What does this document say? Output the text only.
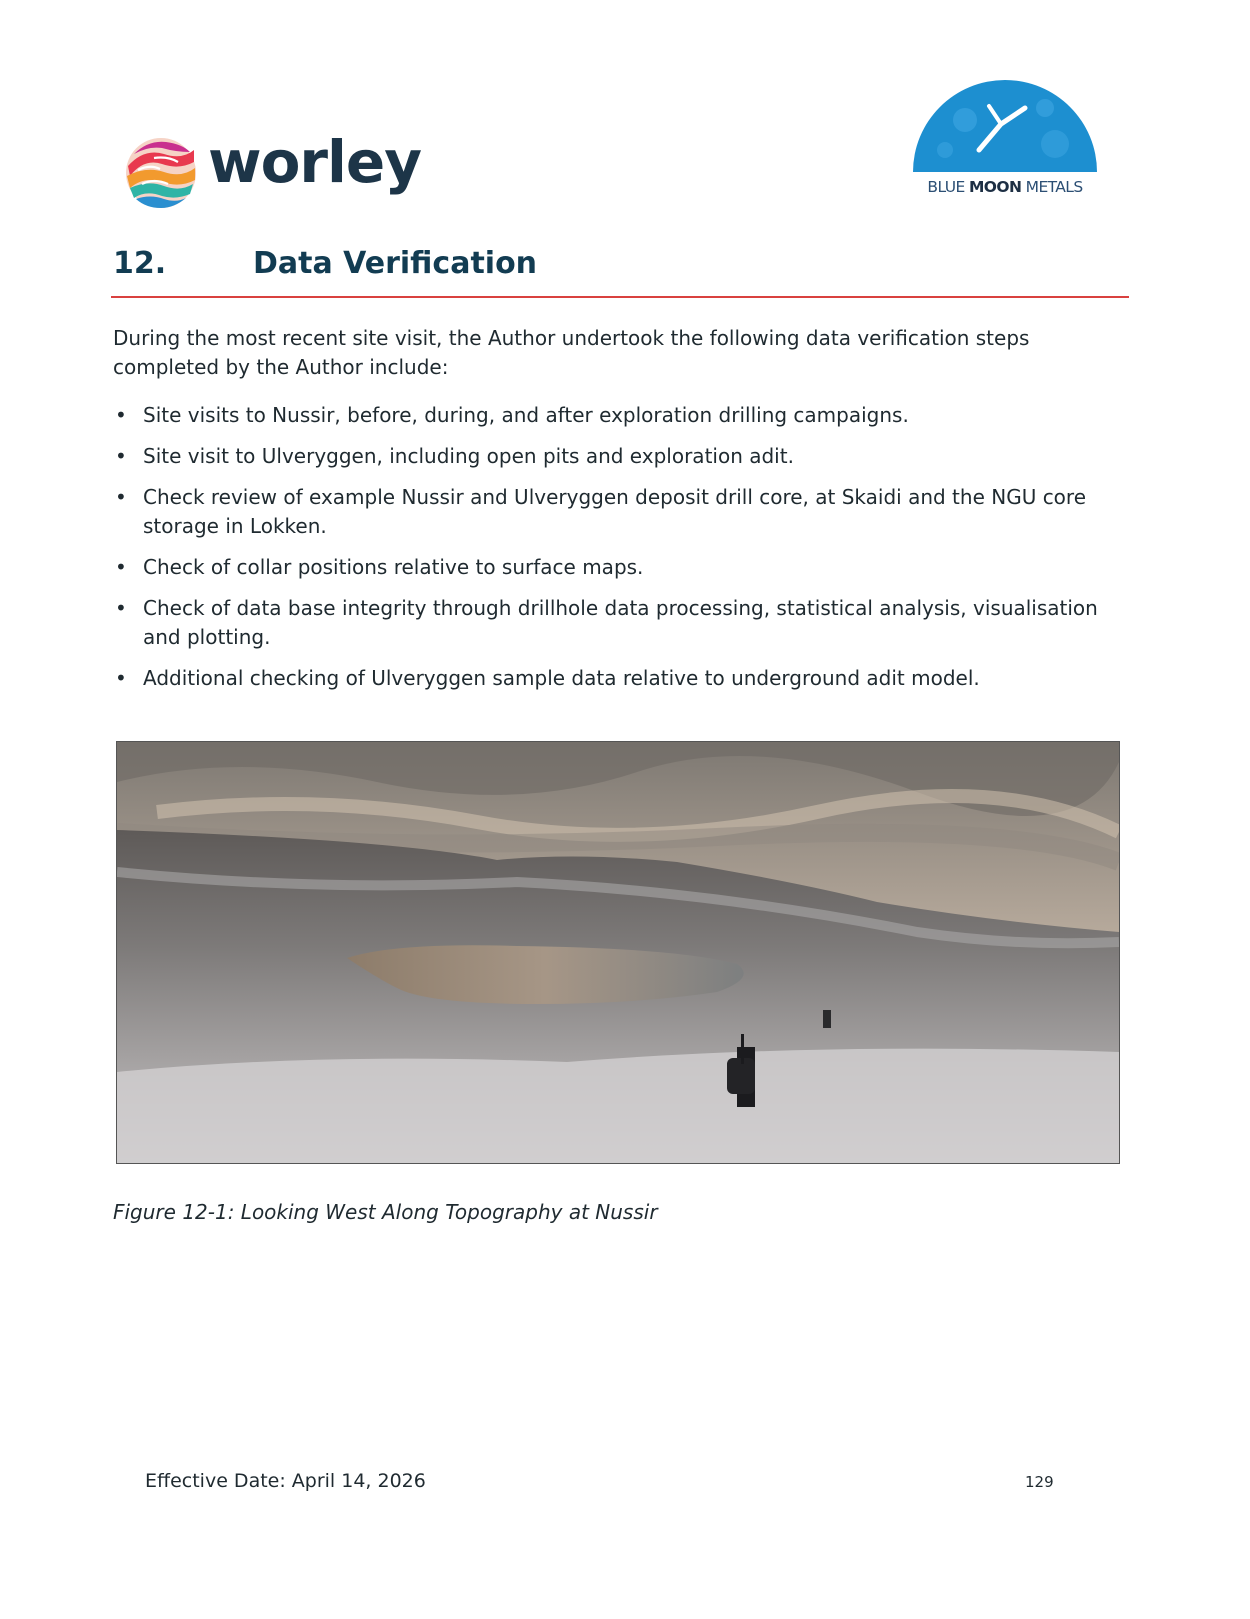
worley	BLUE MOON METALS
12.	Data Verification
During the most recent site visit, the Author undertook the following data verification steps completed by the Author include:
• Site visits to Nussir, before, during, and after exploration drilling campaigns.
• Site visit to Ulveryggen, including open pits and exploration adit.
• Check review of example Nussir and Ulveryggen deposit drill core, at Skaidi and the NGU core storage in Lokken.
• Check of collar positions relative to surface maps.
• Check of data base integrity through drillhole data processing, statistical analysis, visualisation and plotting.
• Additional checking of Ulveryggen sample data relative to underground adit model.
Figure 12-1: Looking West Along Topography at Nussir
Effective Date: April 14, 2026	129
